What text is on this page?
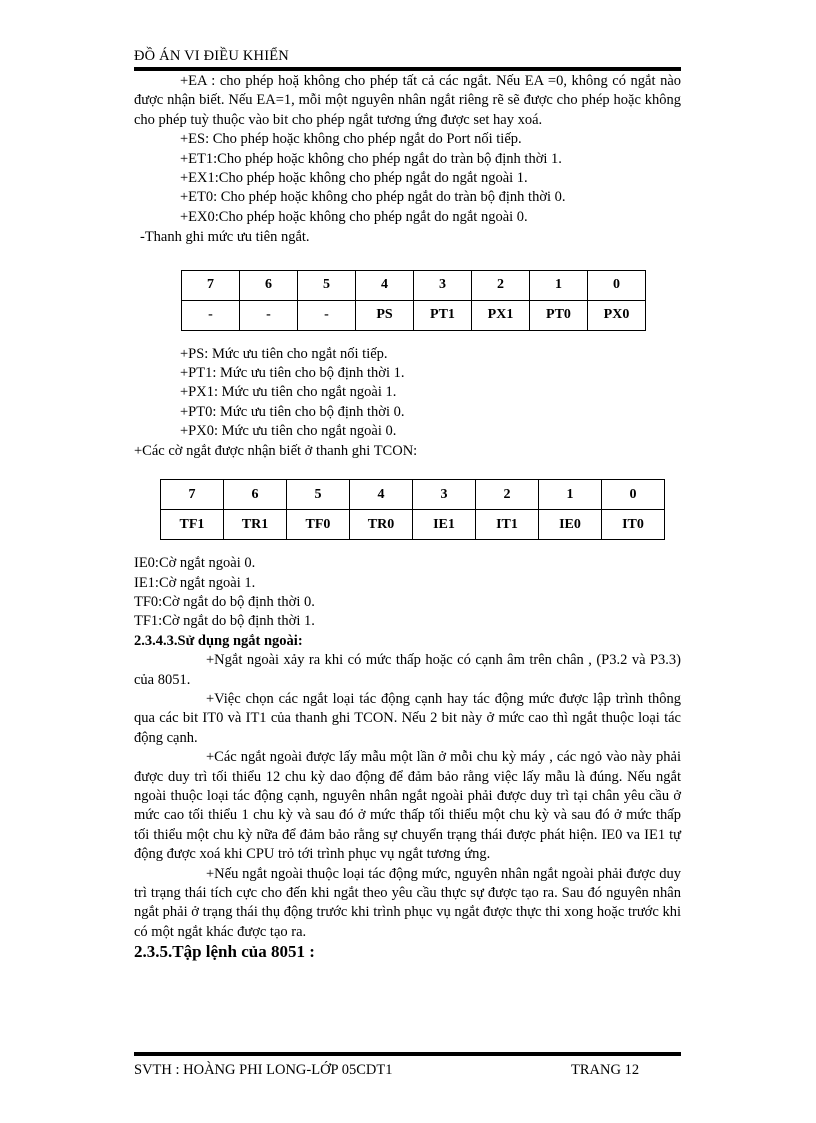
ĐỒ ÁN VI ĐIỀU KHIỂN

+EA : cho phép hoặ không cho phép tất cả các ngắt. Nếu EA =0, không có ngắt nào được nhận biết. Nếu EA=1, mỗi một nguyên nhân ngắt riêng rẽ sẽ được cho phép hoặc không cho phép tuỳ thuộc vào bit cho phép ngắt tương ứng được set hay xoá.

+ES: Cho phép hoặc không cho phép ngắt do Port nối tiếp.

+ET1:Cho phép hoặc không cho phép ngắt do tràn bộ định thời 1.

+EX1:Cho phép hoặc không cho phép ngắt do ngắt ngoài 1.

+ET0: Cho phép hoặc không cho phép ngắt do tràn bộ định thời 0.

+EX0:Cho phép hoặc không cho phép ngắt do ngắt ngoài 0.

-Thanh ghi mức ưu tiên ngắt.

7	6	5	4	3	2	1	0
-	-	-	PS	PT1	PX1	PT0	PX0

+PS: Mức ưu tiên cho ngắt nối tiếp.

+PT1: Mức ưu tiên cho bộ định thời 1.

+PX1: Mức ưu tiên cho ngắt ngoài 1.

+PT0: Mức ưu tiên cho bộ định thời 0.

+PX0: Mức ưu tiên cho ngắt ngoài 0.

+Các cờ ngắt được nhận biết ở thanh ghi TCON:

7	6	5	4	3	2	1	0
TF1	TR1	TF0	TR0	IE1	IT1	IE0	IT0

IE0:Cờ ngắt ngoài 0.

IE1:Cờ ngắt ngoài 1.

TF0:Cờ ngắt do bộ định thời 0.

TF1:Cờ ngắt do bộ định thời 1.

2.3.4.3.Sử dụng ngắt ngoài:

+Ngắt ngoài xảy ra khi có mức thấp hoặc có cạnh âm trên chân , (P3.2 và P3.3) của 8051.

+Việc chọn các ngắt loại tác động cạnh hay tác động mức được lập trình thông qua các bit IT0 và IT1 của thanh ghi TCON. Nếu 2 bit này ở mức cao thì ngắt thuộc loại tác động cạnh.

+Các ngắt ngoài được lấy mẫu một lần ở mỗi chu kỳ máy , các ngỏ vào này phải được duy trì tối thiểu 12 chu kỳ dao động để đảm bảo rằng việc lấy mẫu là đúng. Nếu ngắt ngoài thuộc loại tác động cạnh, nguyên nhân ngắt ngoài phải được duy trì tại chân yêu cầu ở mức cao tối thiểu 1 chu kỳ và sau đó ở mức thấp tối thiểu một chu kỳ và sau đó ở mức thấp tối thiểu một chu kỳ nữa để đảm bảo rằng sự chuyển trạng thái được phát hiện. IE0 va IE1 tự động được xoá khi CPU trỏ tới trình phục vụ ngắt tương ứng.

+Nếu ngắt ngoài thuộc loại tác động mức, nguyên nhân ngắt ngoài phải được duy trì trạng thái tích cực cho đến khi ngắt theo yêu cầu thực sự được tạo ra. Sau đó nguyên nhân ngắt phải ở trạng thái thụ động trước khi trình phục vụ ngắt được thực thi xong hoặc trước khi có một ngắt khác được tạo ra.

2.3.5.Tập lệnh của 8051 :

SVTH : HOÀNG PHI LONG-LỚP 05CDT1	TRANG 12
